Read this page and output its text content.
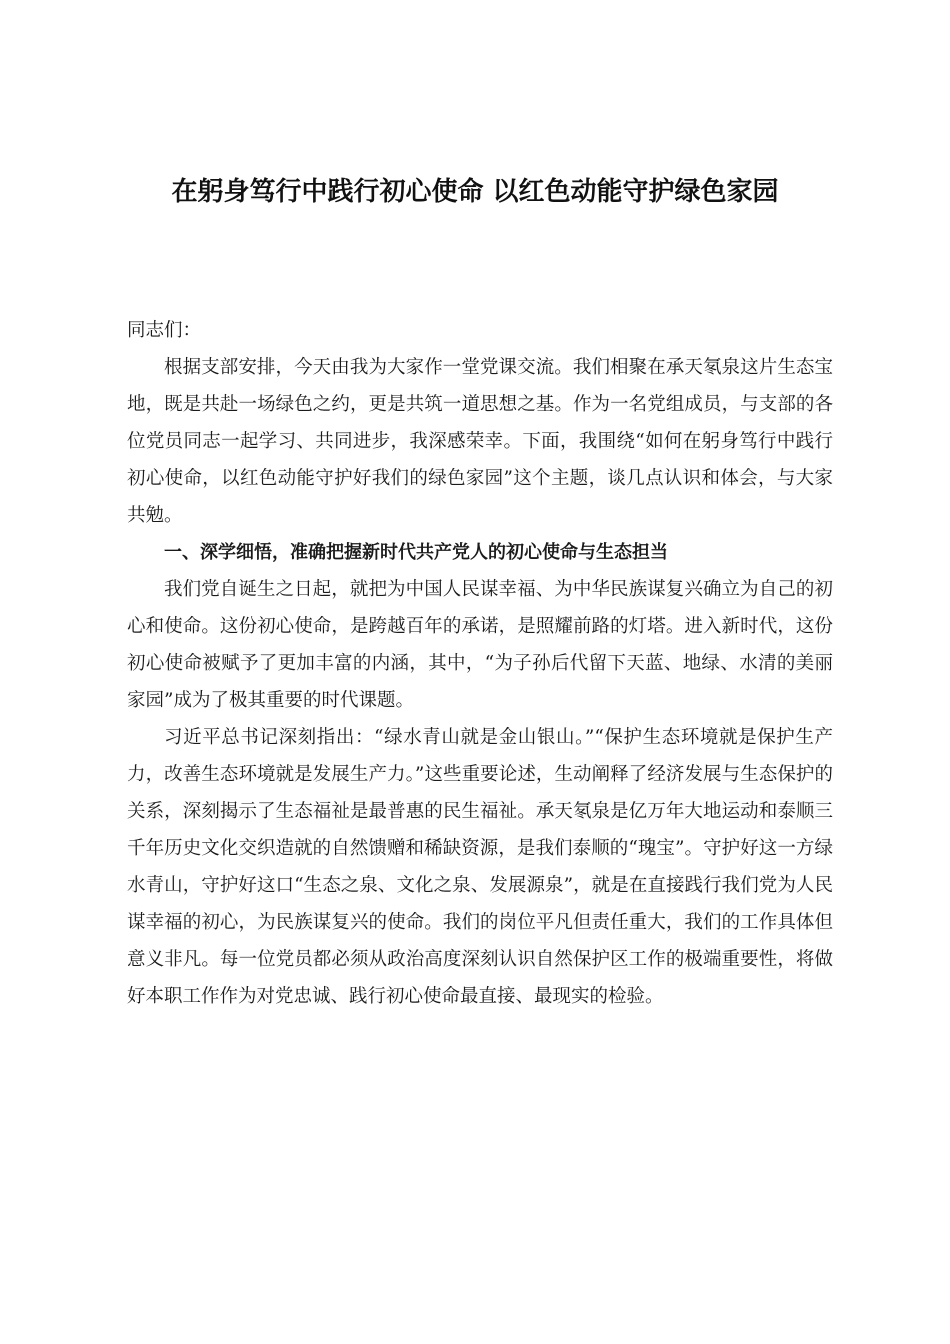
在躬身笃行中践行初心使命 以红色动能守护绿色家园

同志们：

根据支部安排，今天由我为大家作一堂党课交流。我们相聚在承天氡泉这片生态宝地，既是共赴一场绿色之约，更是共筑一道思想之基。作为一名党组成员，与支部的各位党员同志一起学习、共同进步，我深感荣幸。下面，我围绕“如何在躬身笃行中践行初心使命，以红色动能守护好我们的绿色家园”这个主题，谈几点认识和体会，与大家共勉。

一、深学细悟，准确把握新时代共产党人的初心使命与生态担当

我们党自诞生之日起，就把为中国人民谋幸福、为中华民族谋复兴确立为自己的初心和使命。这份初心使命，是跨越百年的承诺，是照耀前路的灯塔。进入新时代，这份初心使命被赋予了更加丰富的内涵，其中，“为子孙后代留下天蓝、地绿、水清的美丽家园”成为了极其重要的时代课题。

习近平总书记深刻指出：“绿水青山就是金山银山。”“保护生态环境就是保护生产力，改善生态环境就是发展生产力。”这些重要论述，生动阐释了经济发展与生态保护的关系，深刻揭示了生态福祉是最普惠的民生福祉。承天氡泉是亿万年大地运动和泰顺三千年历史文化交织造就的自然馈赠和稀缺资源，是我们泰顺的“瑰宝”。守护好这一方绿水青山，守护好这口“生态之泉、文化之泉、发展源泉”，就是在直接践行我们党为人民谋幸福的初心，为民族谋复兴的使命。我们的岗位平凡但责任重大，我们的工作具体但意义非凡。每一位党员都必须从政治高度深刻认识自然保护区工作的极端重要性，将做好本职工作作为对党忠诚、践行初心使命最直接、最现实的检验。
